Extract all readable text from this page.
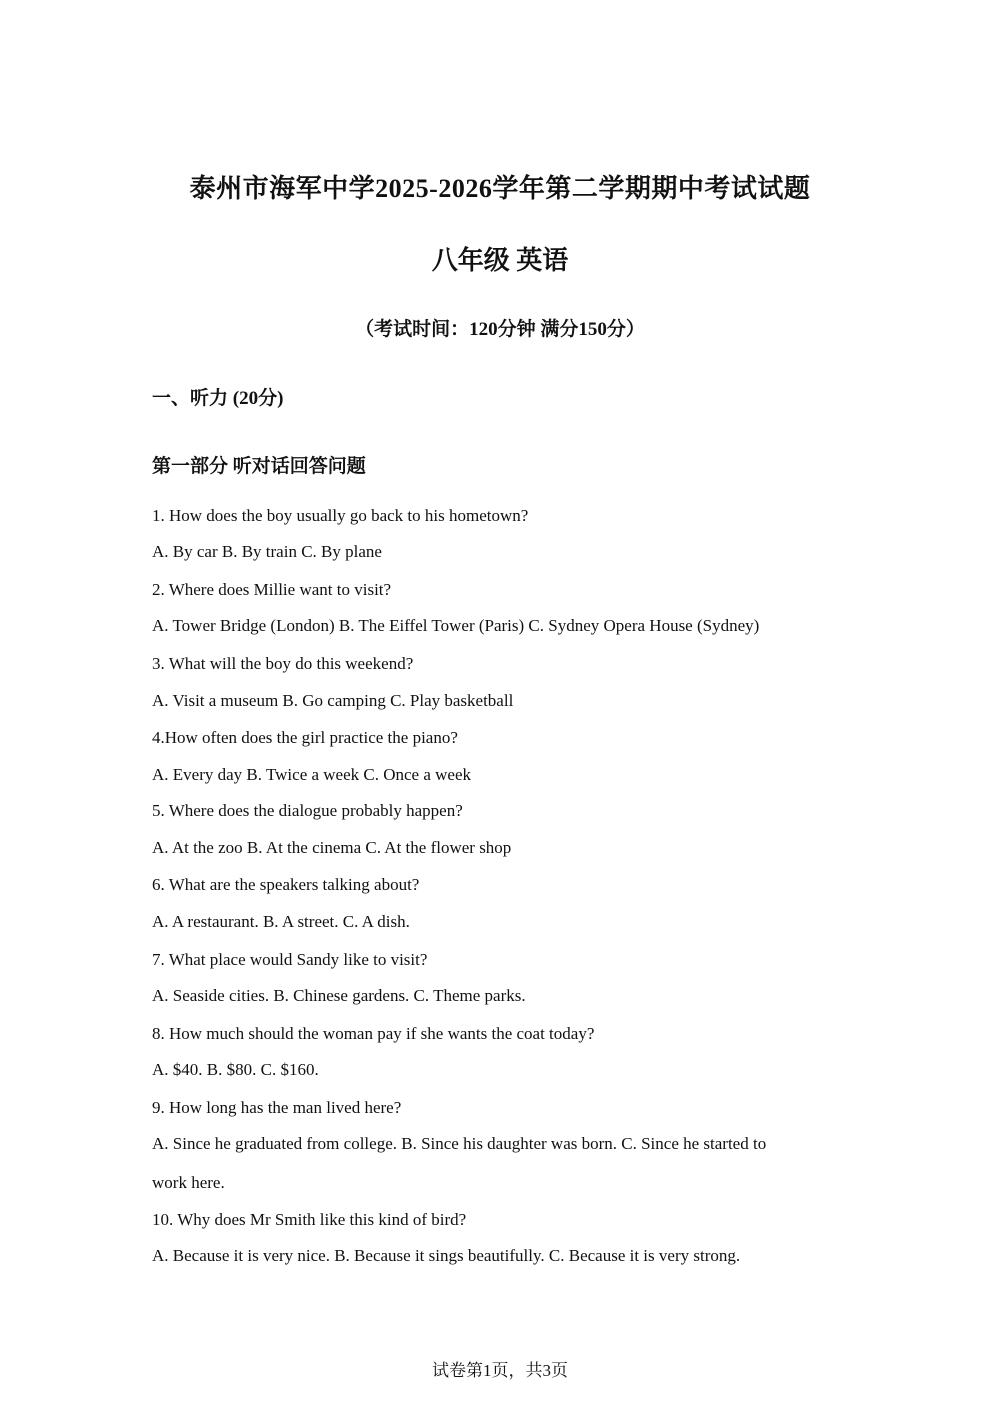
泰州市海军中学2025-2026学年第二学期期中考试试题
八年级 英语
（考试时间：120分钟 满分150分）
一、听力 (20分)
第一部分 听对话回答问题
1. How does the boy usually go back to his hometown?
A. By car B. By train C. By plane
2. Where does Millie want to visit?
A. Tower Bridge (London) B. The Eiffel Tower (Paris) C. Sydney Opera House (Sydney)
3. What will the boy do this weekend?
A. Visit a museum B. Go camping C. Play basketball
4.How often does the girl practice the piano?
A. Every day B. Twice a week C. Once a week
5. Where does the dialogue probably happen?
A. At the zoo B. At the cinema C. At the flower shop
6. What are the speakers talking about?
A. A restaurant. B. A street. C. A dish.
7. What place would Sandy like to visit?
A. Seaside cities. B. Chinese gardens. C. Theme parks.
8. How much should the woman pay if she wants the coat today?
A. $40. B. $80. C. $160.
9. How long has the man lived here?
A. Since he graduated from college. B. Since his daughter was born. C. Since he started to
work here.
10. Why does Mr Smith like this kind of bird?
A. Because it is very nice. B. Because it sings beautifully. C. Because it is very strong.
试卷第1页，共3页
